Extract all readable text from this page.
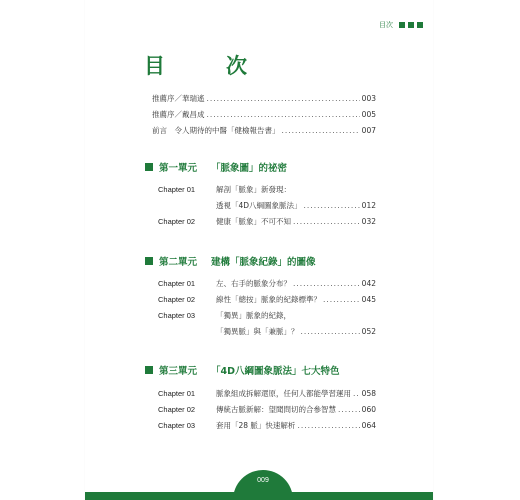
目次
目　次
推薦序／華瑞遙 .....	003
推薦序／戴昌成 .....	005
前言　令人期待的中醫「健檢報告書」 .....	007
第一單元 「脈象圖」的祕密
Chapter 01	解剖「脈象」新發現：
透視「4D八綱圖象脈法」 .....	012
Chapter 02	健康「脈象」不可不知 .....	032
第二單元 建構「脈象紀錄」的圖像
Chapter 01	左、右手的脈象分布？ .....	042
Chapter 02	線性「總按」脈象的紀錄標準？ .....	045
Chapter 03	「獨異」脈象的紀錄，
「獨異脈」與「兼脈」？ .....	052
第三單元 「4D八綱圖象脈法」七大特色
Chapter 01	脈象組成拆解還原，任何人都能學習運用 ..... 058
Chapter 02	傳統古脈新解：望聞問切的合參智慧 .....	060
Chapter 03	套用「28 脈」快速解析 .....	064
009
